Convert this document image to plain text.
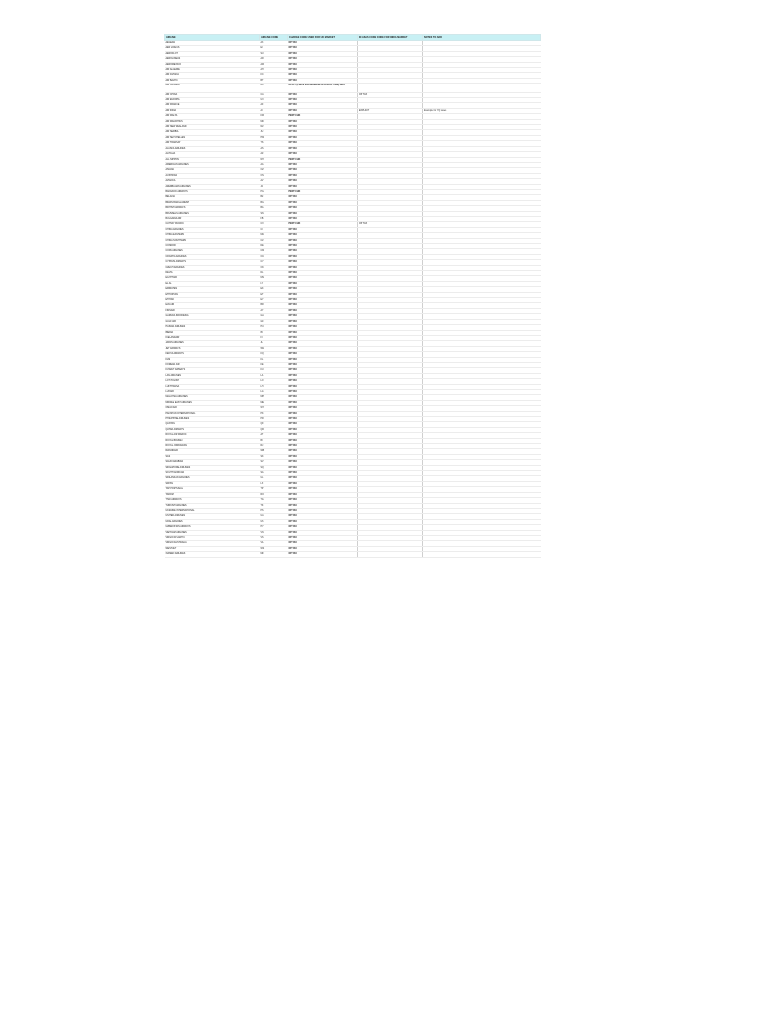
AIRLINE	AIRLINE CODE	CHARGE CODE USED FOR UK MARKET	IN ASAS CODE CODE FOR INDIA MARKET	NOTES TO ADD
AEGEAN	A3	OP TAX		
AER LINGUS	EI	OP TAX		
AEROFLOT	SU	OP TAX		
AEROLINEAS	AR	OP TAX		
AEROMEXICO	AM	OP TAX		
AIR ALGERIE	AH	OP TAX		
AIR ASTANA	KC	OP TAX		
AIR BALTIC	BT	OP TAX		
AIR CANADA	AC	APPLY (PRICE EXCHANGING IN FISCAL TIME) BOX		
AIR CHINA	CA	OP TAX	OP TAX	
AIR EUROPA	UX	OP TAX		
AIR FRANCE	AF	OP TAX		
AIR INDIA	AI	OP TAX	EXPLICIT	Example for YQ taxes
AIR MALTA	KM	PENT CHK		
AIR MAURITIUS	MK	OP TAX		
AIR NEW ZEALAND	NZ	OP TAX		
AIR SERBIA	JU	OP TAX		
AIR SEYCHELLES	HM	OP TAX		
AIR TRANSAT	TS	OP TAX		
ALASKA AIRLINES	AS	OP TAX		
ALITALIA	AZ	OP TAX		
ALL NIPPON	NH	PENT CHK		
AMERICAN AIRLINES	AA	OP TAX		
ASIANA	OZ	OP TAX		
AUSTRIAN	OS	OP TAX		
AVIANCA	AV	OP TAX		
AZERBAIJAN AIRLINES	J2	OP TAX		
BANGKOK AIRWAYS	PG	PENT CHK		
BELAVIA	B2	OP TAX		
BIMAN BANGLADESH	BG	OP TAX		
BRITISH AIRWAYS	BA	OP TAX		
BRUSSELS AIRLINES	SN	OP TAX		
BULGARIA AIR	FB	OP TAX		
CATHAY PACIFIC	CX	PENT CHK	OP TAX	
CHINA AIRLINES	CI	OP TAX		
CHINA EASTERN	MU	OP TAX		
CHINA SOUTHERN	CZ	OP TAX		
CONDOR	DE	OP TAX		
COPA AIRLINES	CM	OP TAX		
CROATIA AIRLINES	OU	OP TAX		
CYPRUS AIRWAYS	CY	OP TAX		
CZECH AIRLINES	OK	OP TAX		
DELTA	DL	OP TAX		
EGYPTAIR	MS	OP TAX		
EL AL	LY	OP TAX		
EMIRATES	EK	OP TAX		
ETHIOPIAN	ET	OP TAX		
ETIHAD	EY	OP TAX		
EVA AIR	BR	OP TAX		
FINNAIR	AY	OP TAX		
GARUDA INDONESIA	GA	OP TAX		
GULF AIR	GF	OP TAX		
HAINAN AIRLINES	HU	OP TAX		
IBERIA	IB	OP TAX		
ICELANDAIR	FI	OP TAX		
JAPAN AIRLINES	JL	OP TAX		
JET AIRWAYS	9W	OP TAX		
KENYA AIRWAYS	KQ	OP TAX		
KLM	KL	OP TAX		
KOREAN AIR	KE	OP TAX		
KUWAIT AIRWAYS	KU	OP TAX		
LAN AIRLINES	LA	OP TAX		
LOT POLISH	LO	OP TAX		
LUFTHANSA	LH	OP TAX		
LUXAIR	LG	OP TAX		
MALAYSIA AIRLINES	MH	OP TAX		
MIDDLE EAST AIRLINES	ME	OP TAX		
OMAN AIR	WY	OP TAX		
PAKISTAN INTERNATIONAL	PK	OP TAX		
PHILIPPINE AIRLINES	PR	OP TAX		
QANTAS	QF	OP TAX		
QATAR AIRWAYS	QR	OP TAX		
ROYAL AIR MAROC	AT	OP TAX		
ROYAL BRUNEI	BI	OP TAX		
ROYAL JORDANIAN	RJ	OP TAX		
RWANDAIR	WB	OP TAX		
SAS	SK	OP TAX		
SAUDI ARABIAN	SV	OP TAX		
SINGAPORE AIRLINES	SQ	OP TAX		
SOUTH AFRICAN	SA	OP TAX		
SRILANKAN AIRLINES	UL	OP TAX		
SWISS	LX	OP TAX		
TAP PORTUGAL	TP	OP TAX		
TAROM	RO	OP TAX		
THAI AIRWAYS	TG	OP TAX		
TURKISH AIRLINES	TK	OP TAX		
UKRAINE INTERNATIONAL	PS	OP TAX		
UNITED AIRLINES	UA	OP TAX		
URAL AIRLINES	U6	OP TAX		
UZBEKISTAN AIRWAYS	HY	OP TAX		
VIETNAM AIRLINES	VN	OP TAX		
VIRGIN ATLANTIC	VS	OP TAX		
VIRGIN AUSTRALIA	VA	OP TAX		
WESTJET	WS	OP TAX		
XIAMEN AIRLINES	MF	OP TAX		
